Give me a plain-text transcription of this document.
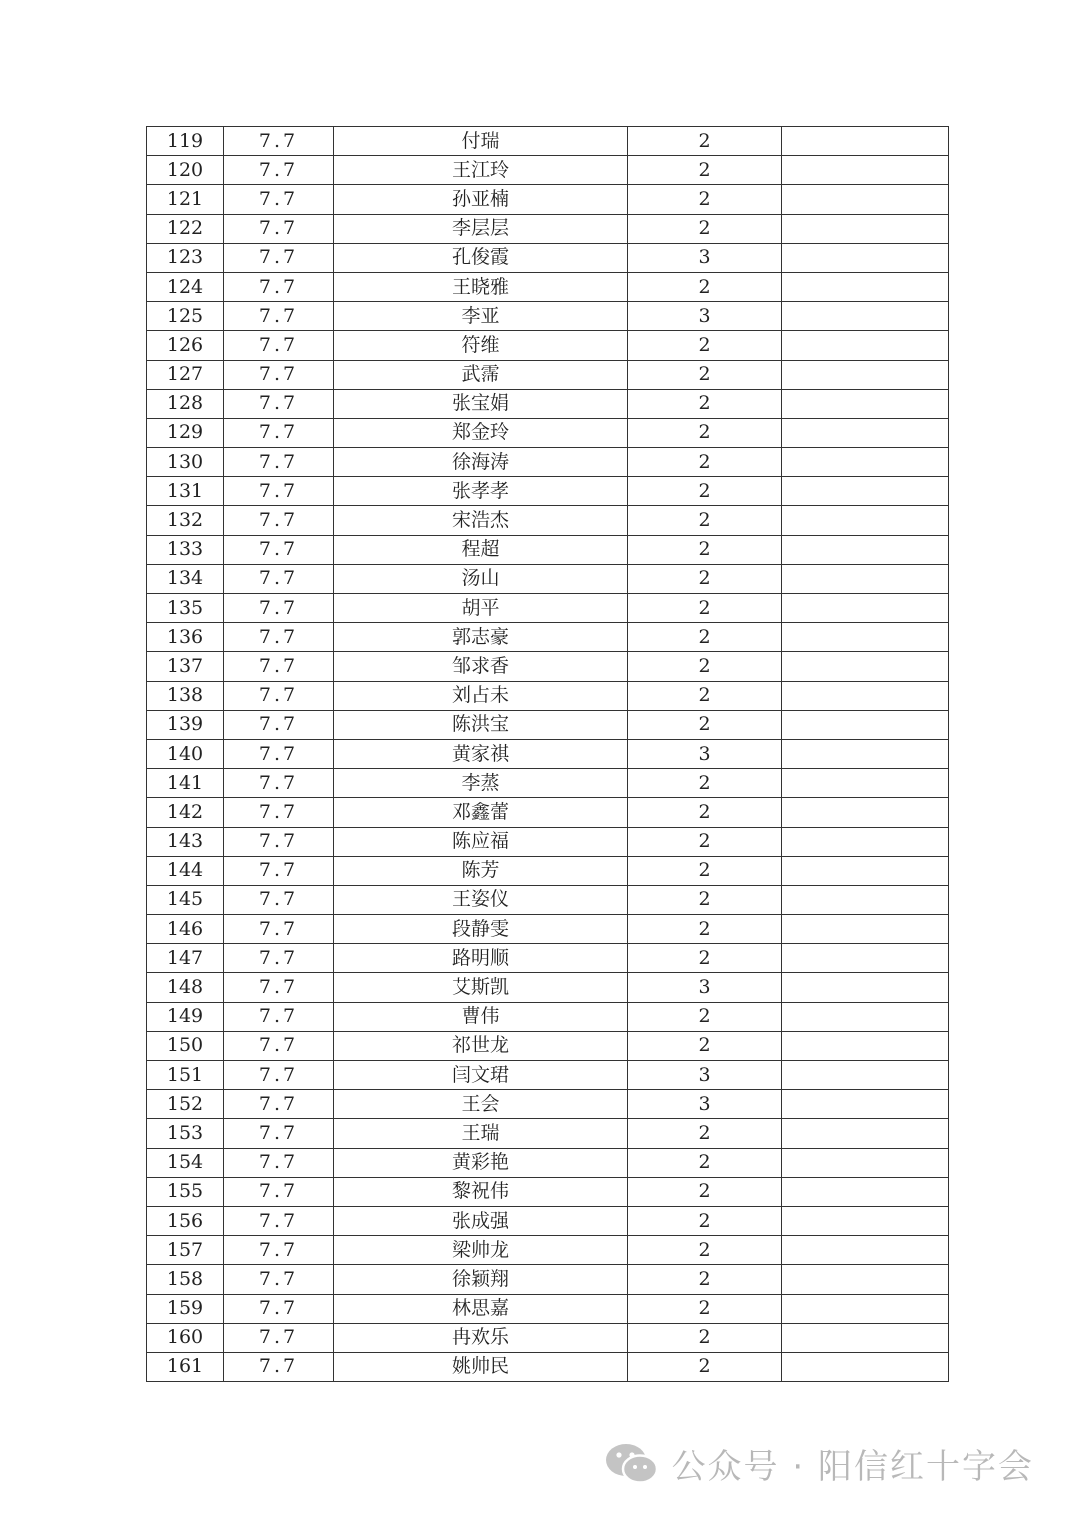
119	7.7	付瑞	2	
120	7.7	王江玲	2	
121	7.7	孙亚楠	2	
122	7.7	李层层	2	
123	7.7	孔俊霞	3	
124	7.7	王晓雅	2	
125	7.7	李亚	3	
126	7.7	符维	2	
127	7.7	武霈	2	
128	7.7	张宝娟	2	
129	7.7	郑金玲	2	
130	7.7	徐海涛	2	
131	7.7	张孝孝	2	
132	7.7	宋浩杰	2	
133	7.7	程超	2	
134	7.7	汤山	2	
135	7.7	胡平	2	
136	7.7	郭志豪	2	
137	7.7	邹求香	2	
138	7.7	刘占未	2	
139	7.7	陈洪宝	2	
140	7.7	黄家祺	3	
141	7.7	李蒸	2	
142	7.7	邓鑫蕾	2	
143	7.7	陈应福	2	
144	7.7	陈芳	2	
145	7.7	王姿仪	2	
146	7.7	段静雯	2	
147	7.7	路明顺	2	
148	7.7	艾斯凯	3	
149	7.7	曹伟	2	
150	7.7	祁世龙	2	
151	7.7	闫文珺	3	
152	7.7	王会	3	
153	7.7	王瑞	2	
154	7.7	黄彩艳	2	
155	7.7	黎祝伟	2	
156	7.7	张成强	2	
157	7.7	梁帅龙	2	
158	7.7	徐颖翔	2	
159	7.7	林思嘉	2	
160	7.7	冉欢乐	2	
161	7.7	姚帅民	2	
公众号 · 阳信红十字会
